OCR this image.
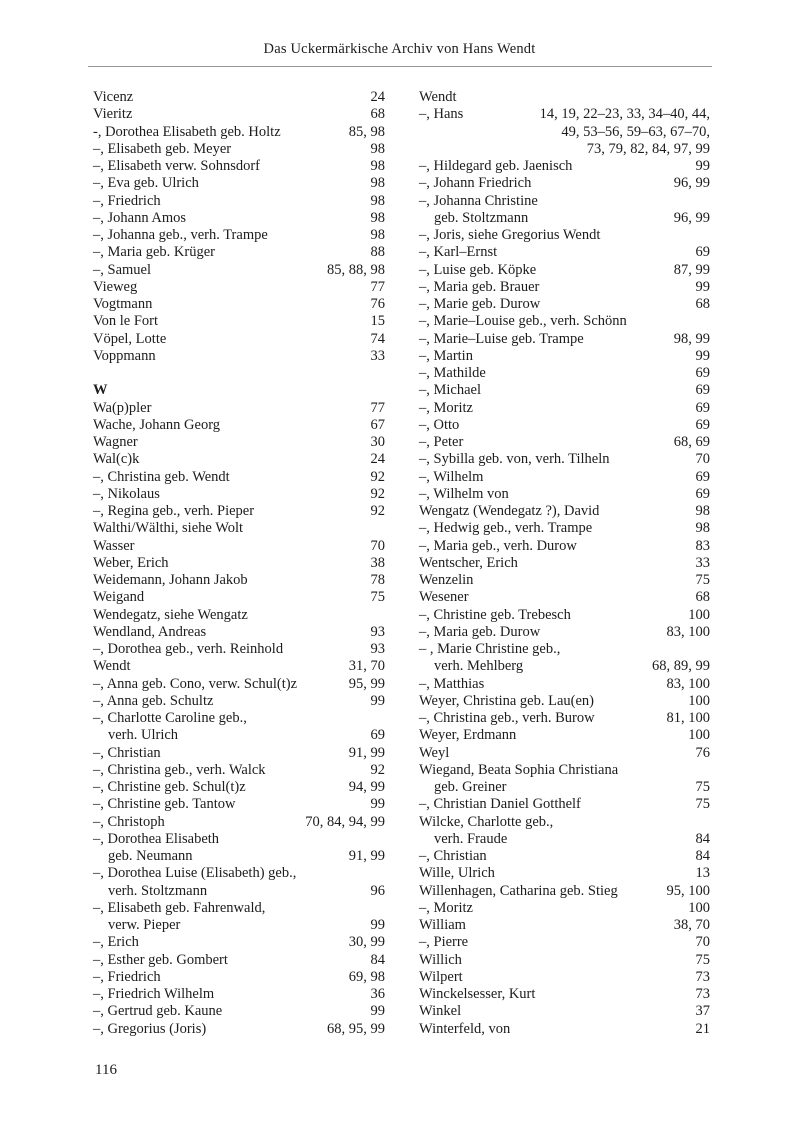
Das Uckermärkische Archiv von Hans Wendt
Vicenz	24
Vieritz	68
-, Dorothea Elisabeth geb. Holtz	85, 98
–, Elisabeth geb. Meyer	98
–, Elisabeth verw. Sohnsdorf	98
–, Eva geb. Ulrich	98
–, Friedrich	98
–, Johann Amos	98
–, Johanna geb., verh. Trampe	98
–, Maria geb. Krüger	88
–, Samuel	85, 88, 98
Vieweg	77
Vogtmann	76
Von le Fort	15
Vöpel, Lotte	74
Voppmann	33
W
Wa(p)pler	77
Wache, Johann Georg	67
Wagner	30
Wal(c)k	24
–, Christina geb. Wendt	92
–, Nikolaus	92
–, Regina geb., verh. Pieper	92
Walthi/Wälthi, siehe Wolt
Wasser	70
Weber, Erich	38
Weidemann, Johann Jakob	78
Weigand	75
Wendegatz, siehe Wengatz
Wendland, Andreas	93
–, Dorothea geb., verh. Reinhold	93
Wendt	31, 70
–, Anna geb. Cono, verw. Schul(t)z	95, 99
–, Anna geb. Schultz	99
–, Charlotte Caroline geb.,
verh. Ulrich	69
–, Christian	91, 99
–, Christina geb., verh. Walck	92
–, Christine geb. Schul(t)z	94, 99
–, Christine geb. Tantow	99
–, Christoph	70, 84, 94, 99
–, Dorothea Elisabeth
geb. Neumann	91, 99
–, Dorothea Luise (Elisabeth) geb.,
verh. Stoltzmann	96
–, Elisabeth geb. Fahrenwald,
verw. Pieper	99
–, Erich	30, 99
–, Esther geb. Gombert	84
–, Friedrich	69, 98
–, Friedrich Wilhelm	36
–, Gertrud geb. Kaune	99
–, Gregorius (Joris)	68, 95, 99
Wendt
–, Hans	14, 19, 22–23, 33, 34–40, 44,
49, 53–56, 59–63, 67–70,
73, 79, 82, 84, 97, 99
–, Hildegard geb. Jaenisch	99
–, Johann Friedrich	96, 99
–, Johanna Christine
geb. Stoltzmann	96, 99
–, Joris, siehe Gregorius Wendt
–, Karl–Ernst	69
–, Luise geb. Köpke	87, 99
–, Maria geb. Brauer	99
–, Marie geb. Durow	68
–, Marie–Louise geb., verh. Schönn
–, Marie–Luise geb. Trampe	98, 99
–, Martin	99
–, Mathilde	69
–, Michael	69
–, Moritz	69
–, Otto	69
–, Peter	68, 69
–, Sybilla geb. von, verh. Tilheln	70
–, Wilhelm	69
–, Wilhelm von	69
Wengatz (Wendegatz ?), David	98
–, Hedwig geb., verh. Trampe	98
–, Maria geb., verh. Durow	83
Wentscher, Erich	33
Wenzelin	75
Wesener	68
–, Christine geb. Trebesch	100
–, Maria geb. Durow	83, 100
– , Marie Christine geb.,
verh. Mehlberg	68, 89, 99
–, Matthias	83, 100
Weyer, Christina geb. Lau(en)	100
–, Christina geb., verh. Burow	81, 100
Weyer, Erdmann	100
Weyl	76
Wiegand, Beata Sophia Christiana
geb. Greiner	75
–, Christian Daniel Gotthelf	75
Wilcke, Charlotte geb.,
verh. Fraude	84
–, Christian	84
Wille, Ulrich	13
Willenhagen, Catharina geb. Stieg	95, 100
–, Moritz	100
William	38, 70
–, Pierre	70
Willich	75
Wilpert	73
Winckelsesser, Kurt	73
Winkel	37
Winterfeld, von	21
116
